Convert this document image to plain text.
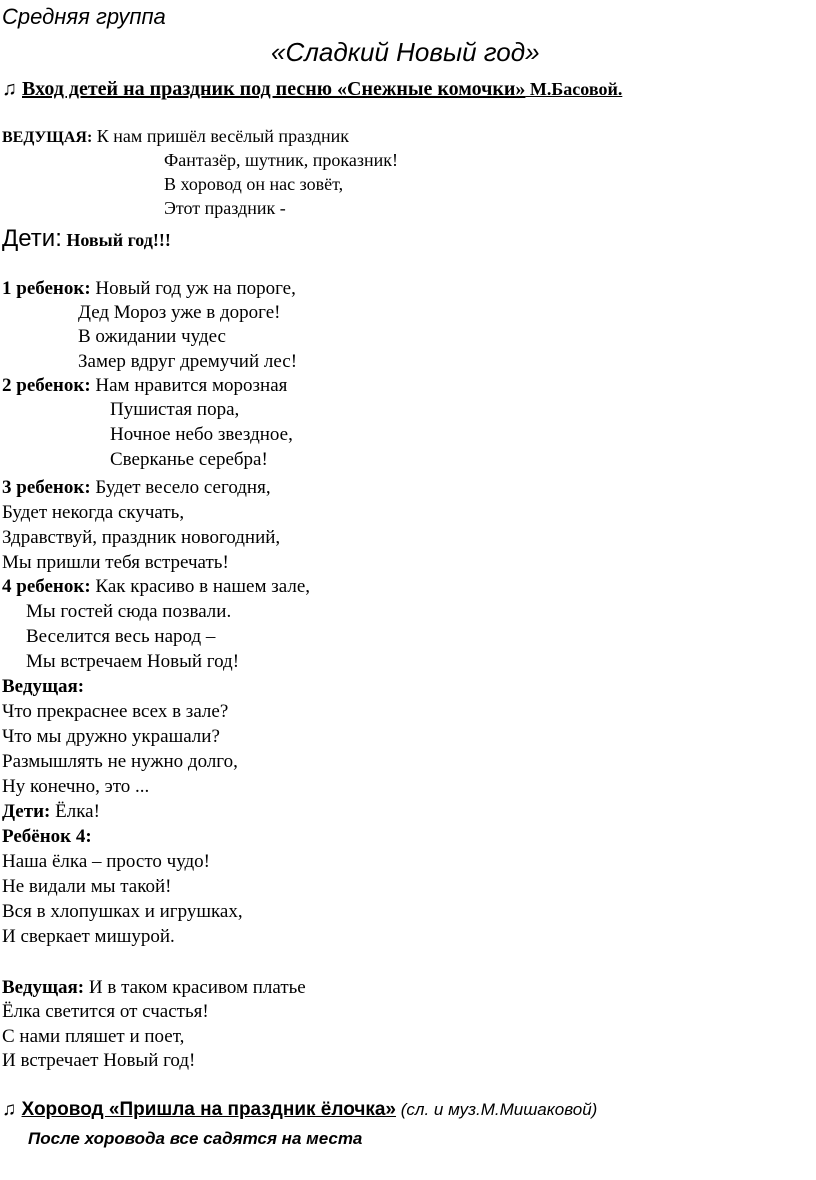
Средняя группа
«Сладкий Новый год»
♫ Вход детей на праздник под песню «Снежные комочки» М.Басовой.
ВЕДУЩАЯ: К нам пришёл весёлый праздник
Фантазёр, шутник, проказник!
В хоровод он нас зовёт,
Этот праздник -
Дети: Новый год!!!
1 ребенок: Новый год уж на пороге,
Дед Мороз уже в дороге!
В ожидании чудес
Замер вдруг дремучий лес!
2 ребенок: Нам нравится морозная
Пушистая пора,
Ночное небо звездное,
Сверканье серебра!
3 ребенок: Будет весело сегодня,
Будет некогда скучать,
Здравствуй, праздник новогодний,
Мы пришли тебя встречать!
4 ребенок: Как красиво в нашем зале,
Мы гостей сюда позвали.
Веселится весь народ –
Мы встречаем Новый год!
Ведущая:
Что прекраснее всех в зале?
Что мы дружно украшали?
Размышлять не нужно долго,
Ну конечно, это ...
Дети: Ёлка!
Ребёнок 4:
Наша ёлка – просто чудо!
Не видали мы такой!
Вся в хлопушках и игрушках,
И сверкает мишурой.
Ведущая: И в таком красивом платье
Ёлка светится от счастья!
С нами пляшет и поет,
И встречает Новый год!
♫ Хоровод «Пришла на праздник ёлочка» (сл. и муз.М.Мишаковой)
После хоровода все садятся на места
